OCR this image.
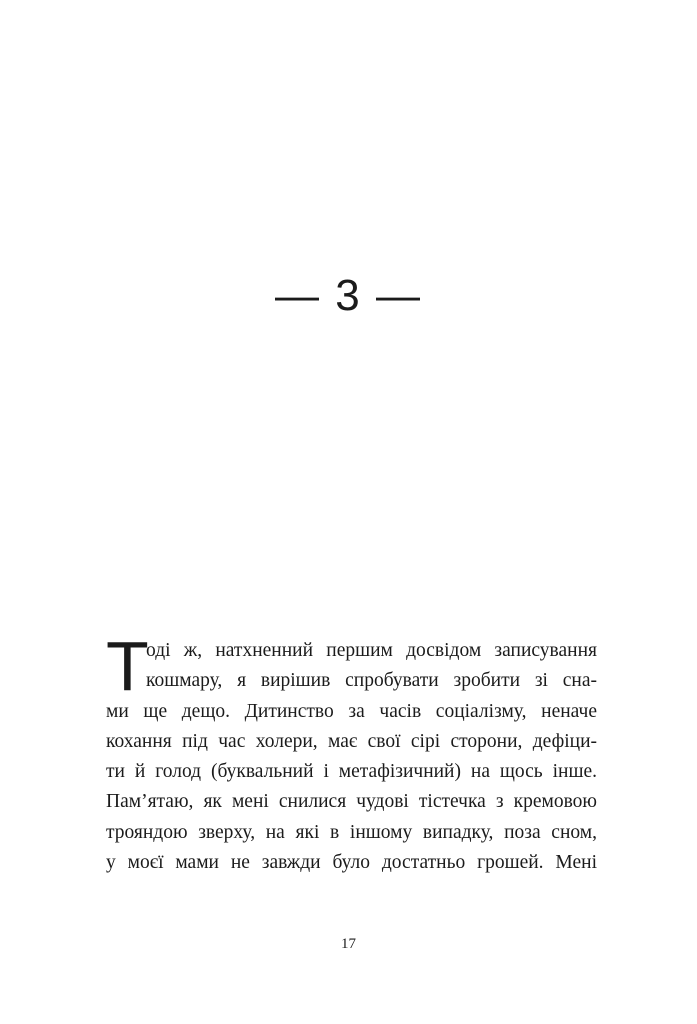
— 3 —
Т
оді ж, натхненний першим досвідом записування
кошмару, я вирішив спробувати зробити зі сна-
ми ще дещо. Дитинство за часів соціалізму, неначе
кохання під час холери, має свої сірі сторони, дефіци-
ти й голод (буквальний і метафізичний) на щось інше.
Пам’ятаю, як мені снилися чудові тістечка з кремовою
трояндою зверху, на які в іншому випадку, поза сном,
у моєї мами не завжди було достатньо грошей. Мені
17
